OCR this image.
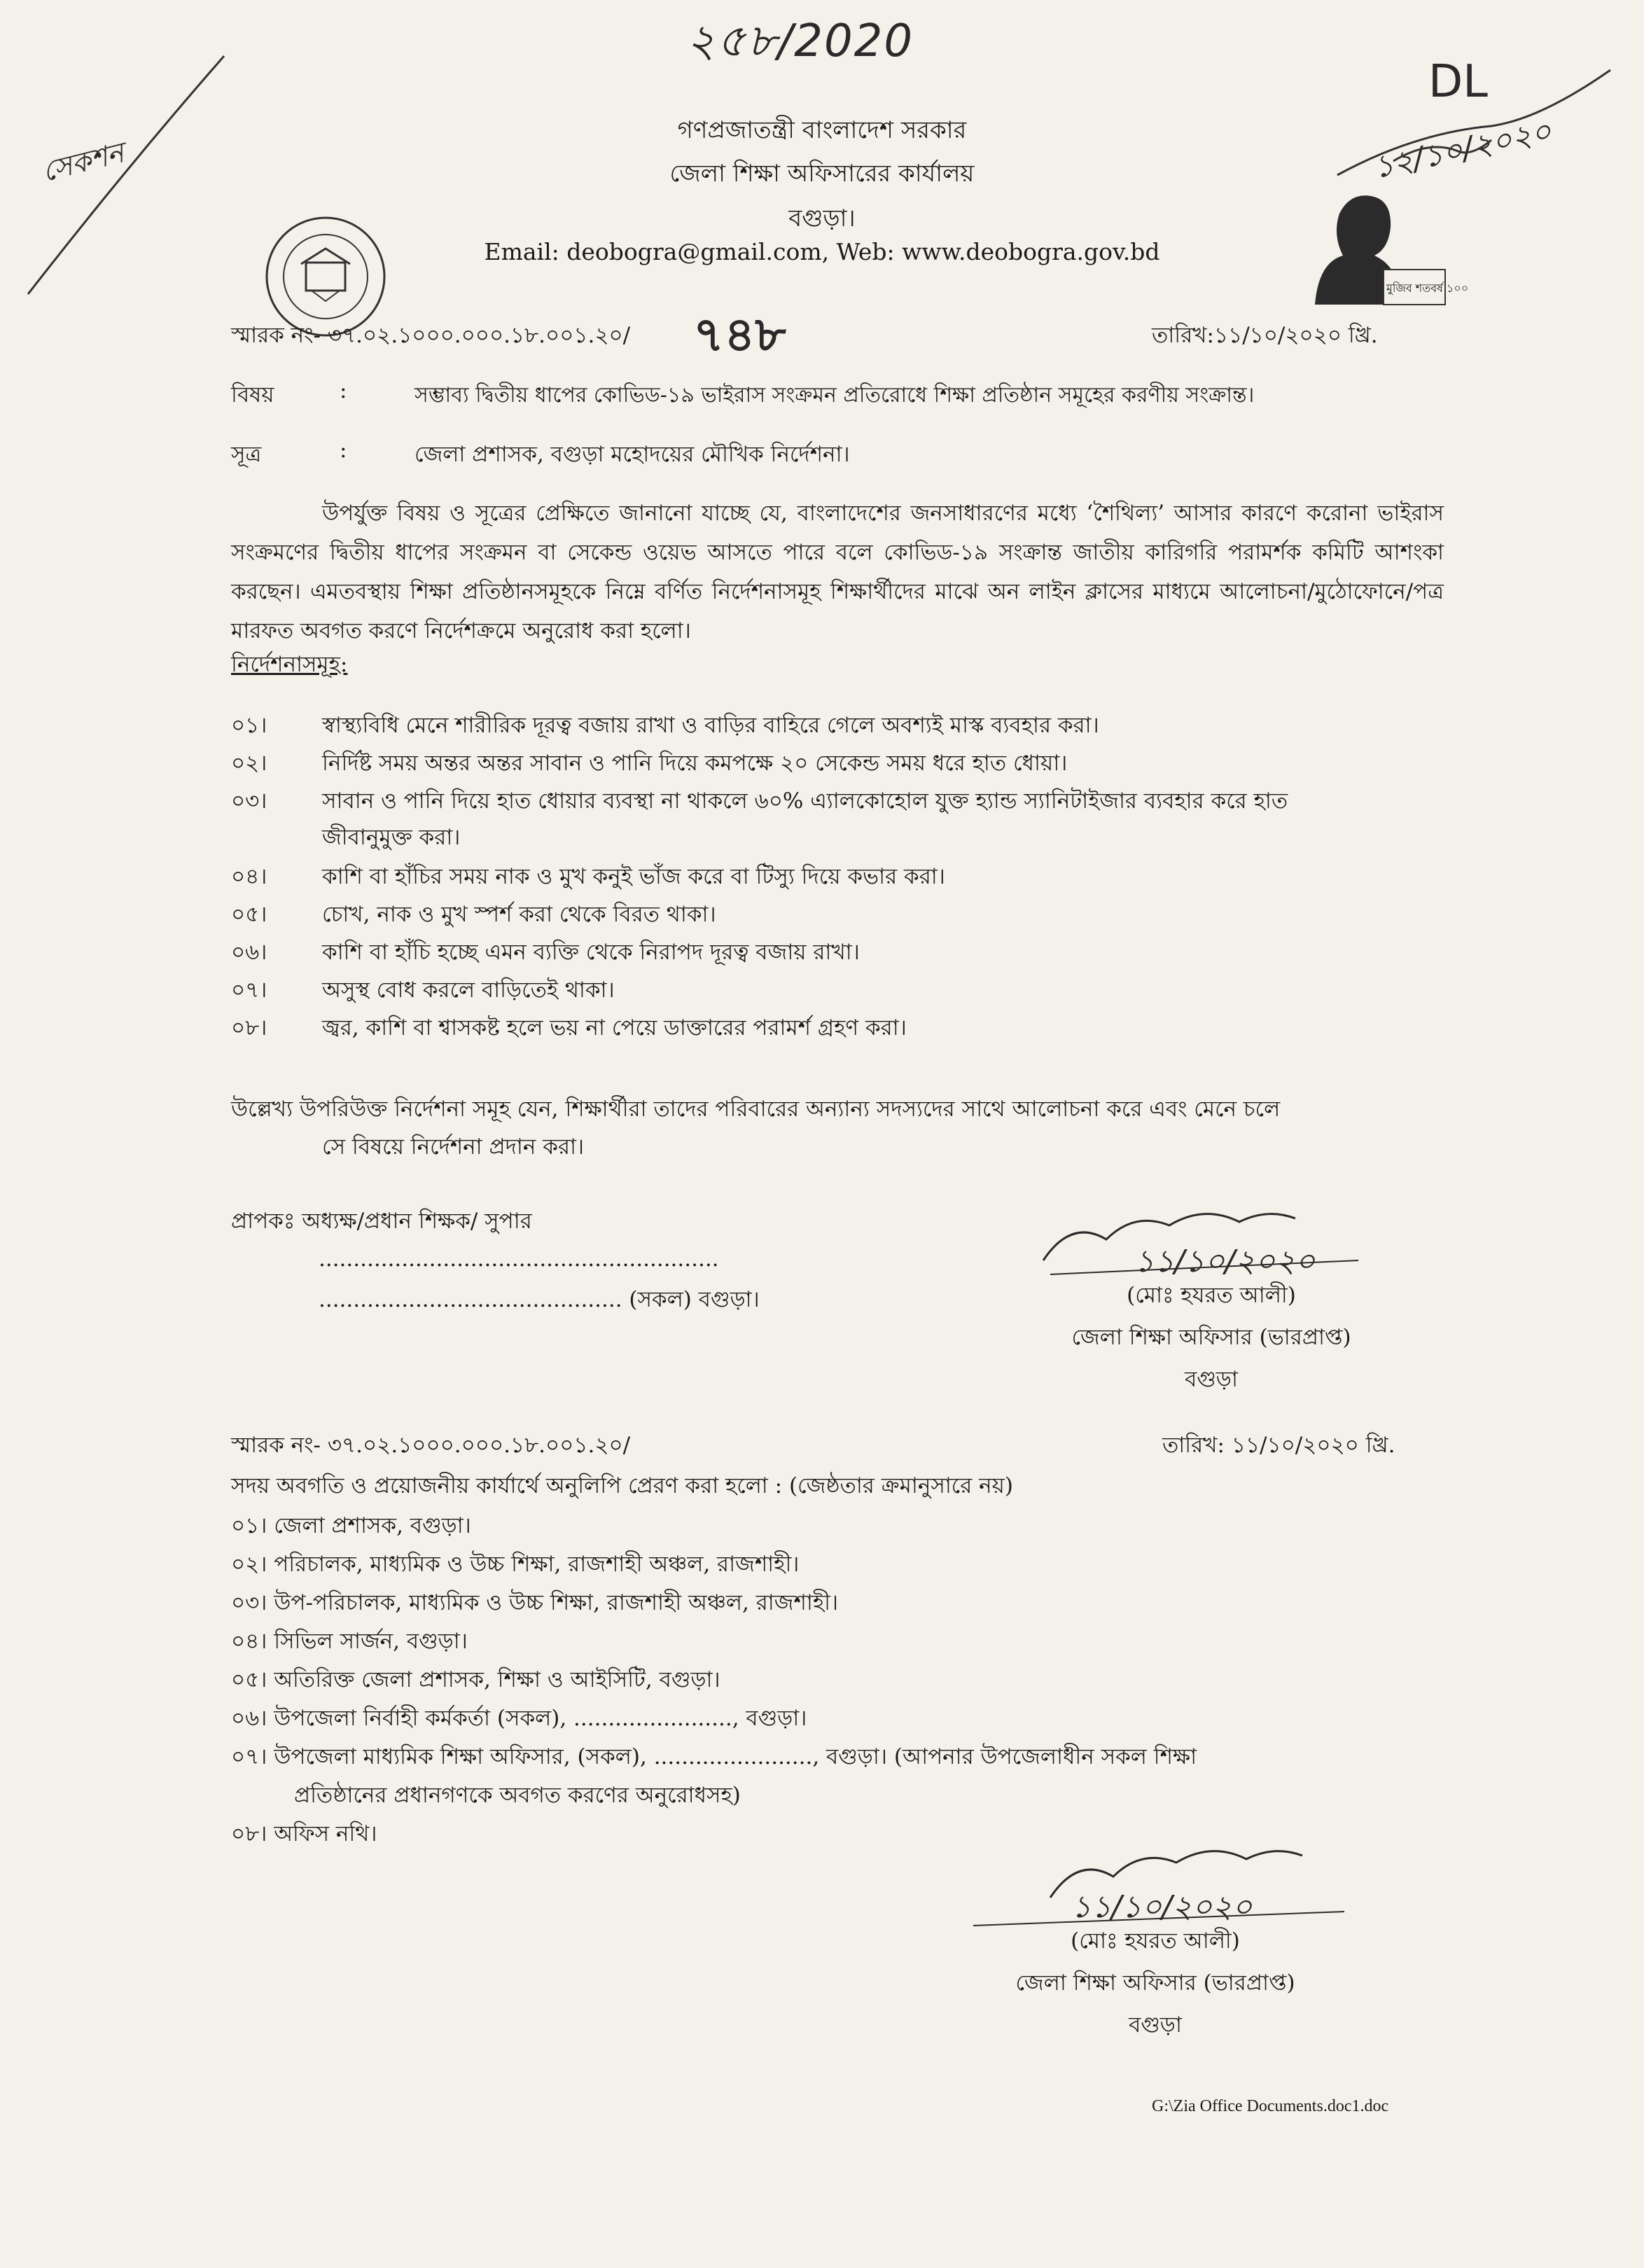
২৫৮/2020
সেকশন
DL
১২/১০/২০২০
গণপ্রজাতন্ত্রী বাংলাদেশ সরকার
জেলা শিক্ষা অফিসারের কার্যালয়
বগুড়া।
Email: deobogra@gmail.com, Web: www.deobogra.gov.bd
মুজিব শতবর্ষ ১০০
স্মারক নং- ৩৭.০২.১০০০.০০০.১৮.০০১.২০/ ৭৪৮	তারিখ:১১/১০/২০২০ খ্রি.
বিষয়	:	সম্ভাব্য দ্বিতীয় ধাপের কোভিড-১৯ ভাইরাস সংক্রমন প্রতিরোধে শিক্ষা প্রতিষ্ঠান সমূহের করণীয় সংক্রান্ত।
সূত্র	:	জেলা প্রশাসক, বগুড়া মহোদয়ের মৌখিক নির্দেশনা।
উপর্যুক্ত বিষয় ও সূত্রের প্রেক্ষিতে জানানো যাচ্ছে যে, বাংলাদেশের জনসাধারণের মধ্যে ‘শৈথিল্য’ আসার কারণে করোনা ভাইরাস সংক্রমণের দ্বিতীয় ধাপের সংক্রমন বা সেকেন্ড ওয়েভ আসতে পারে বলে কোভিড-১৯ সংক্রান্ত জাতীয় কারিগরি পরামর্শক কমিটি আশংকা করছেন। এমতবস্থায় শিক্ষা প্রতিষ্ঠানসমূহকে নিম্নে বর্ণিত নির্দেশনাসমূহ শিক্ষার্থীদের মাঝে অন লাইন ক্লাসের মাধ্যমে আলোচনা/মুঠোফোনে/পত্র মারফত অবগত করণে নির্দেশক্রমে অনুরোধ করা হলো।
নির্দেশনাসমূহ:
০১।	স্বাস্থ্যবিধি মেনে শারীরিক দূরত্ব বজায় রাখা ও বাড়ির বাহিরে গেলে অবশ্যই মাস্ক ব্যবহার করা।
০২।	নির্দিষ্ট সময় অন্তর অন্তর সাবান ও পানি দিয়ে কমপক্ষে ২০ সেকেন্ড সময় ধরে হাত ধোয়া।
০৩।	সাবান ও পানি দিয়ে হাত ধোয়ার ব্যবস্থা না থাকলে ৬০% এ্যালকোহোল যুক্ত হ্যান্ড স্যানিটাইজার ব্যবহার করে হাত
জীবানুমুক্ত করা।
০৪।	কাশি বা হাঁচির সময় নাক ও মুখ কনুই ভাঁজ করে বা টিস্যু দিয়ে কভার করা।
০৫।	চোখ, নাক ও মুখ স্পর্শ করা থেকে বিরত থাকা।
০৬।	কাশি বা হাঁচি হচ্ছে এমন ব্যক্তি থেকে নিরাপদ দূরত্ব বজায় রাখা।
০৭।	অসুস্থ বোধ করলে বাড়িতেই থাকা।
০৮।	জ্বর, কাশি বা শ্বাসকষ্ট হলে ভয় না পেয়ে ডাক্তারের পরামর্শ গ্রহণ করা।
উল্লেখ্য উপরিউক্ত নির্দেশনা সমূহ যেন, শিক্ষার্থীরা তাদের পরিবারের অন্যান্য সদস্যদের সাথে আলোচনা করে এবং মেনে চলে
সে বিষয়ে নির্দেশনা প্রদান করা।
প্রাপকঃ অধ্যক্ষ/প্রধান শিক্ষক/ সুপার
..........................................................
............................................ (সকল) বগুড়া।
১১/১০/২০২০
(মোঃ হযরত আলী)
জেলা শিক্ষা অফিসার (ভারপ্রাপ্ত)
বগুড়া
স্মারক নং- ৩৭.০২.১০০০.০০০.১৮.০০১.২০/	তারিখ: ১১/১০/২০২০ খ্রি.
সদয় অবগতি ও প্রয়োজনীয় কার্যার্থে অনুলিপি প্রেরণ করা হলো : (জেষ্ঠতার ক্রমানুসারে নয়)
০১। জেলা প্রশাসক, বগুড়া।
০২। পরিচালক, মাধ্যমিক ও উচ্চ শিক্ষা, রাজশাহী অঞ্চল, রাজশাহী।
০৩। উপ-পরিচালক, মাধ্যমিক ও উচ্চ শিক্ষা, রাজশাহী অঞ্চল, রাজশাহী।
০৪। সিভিল সার্জন, বগুড়া।
০৫। অতিরিক্ত জেলা প্রশাসক, শিক্ষা ও আইসিটি, বগুড়া।
০৬। উপজেলা নির্বাহী কর্মকর্তা (সকল), ......................., বগুড়া।
০৭। উপজেলা মাধ্যমিক শিক্ষা অফিসার, (সকল), ......................., বগুড়া। (আপনার উপজেলাধীন সকল শিক্ষা
প্রতিষ্ঠানের প্রধানগণকে অবগত করণের অনুরোধসহ)
০৮। অফিস নথি।
১১/১০/২০২০
(মোঃ হযরত আলী)
জেলা শিক্ষা অফিসার (ভারপ্রাপ্ত)
বগুড়া
G:\Zia Office Documents.doc1.doc
